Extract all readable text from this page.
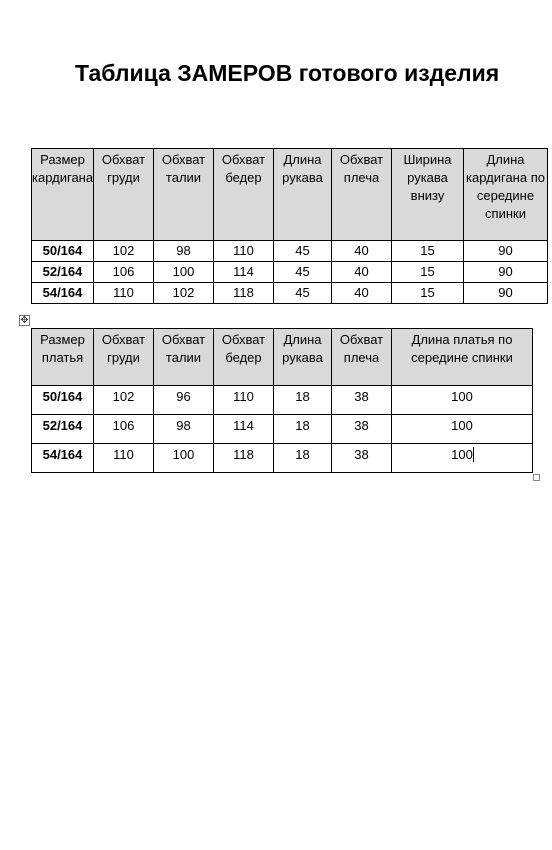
Таблица ЗАМЕРОВ готового изделия
Размер кардигана	Обхват груди	Обхват талии	Обхват бедер	Длина рукава	Обхват плеча	Ширина рукава внизу	Длина кардигана по середине спинки
50/164	102	98	110	45	40	15	90
52/164	106	100	114	45	40	15	90
54/164	110	102	118	45	40	15	90
✥
Размер платья	Обхват груди	Обхват талии	Обхват бедер	Длина рукава	Обхват плеча	Длина платья по середине спинки
50/164	102	96	110	18	38	100
52/164	106	98	114	18	38	100
54/164	110	100	118	18	38	100
